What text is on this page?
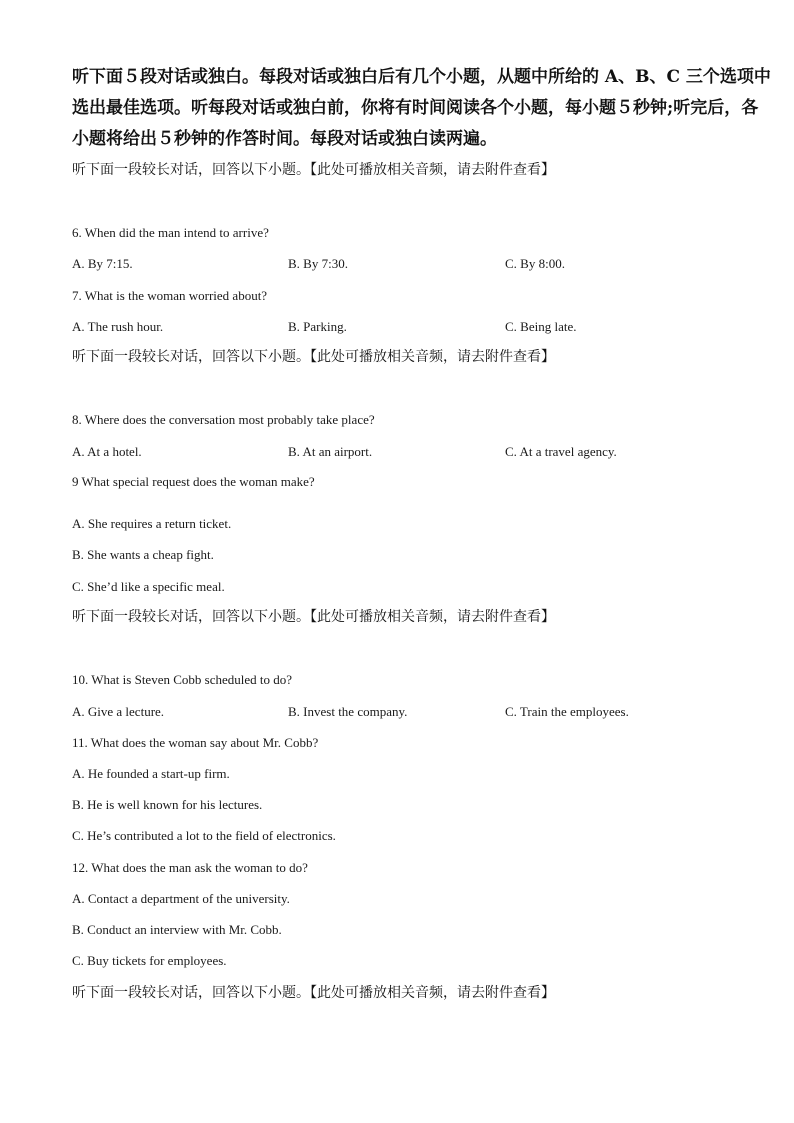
听下面５段对话或独白。每段对话或独白后有几个小题，从题中所给的 A、B、C 三个选项中
选出最佳选项。听每段对话或独白前，你将有时间阅读各个小题，每小题５秒钟;听完后，各
小题将给出５秒钟的作答时间。每段对话或独白读两遍。

听下面一段较长对话，回答以下小题。【此处可播放相关音频，请去附件查看】

6. When did the man intend to arrive?

A. By 7:15.	B. By 7:30.	C. By 8:00.

7. What is the woman worried about?

A. The rush hour.	B. Parking.	C. Being late.

听下面一段较长对话，回答以下小题。【此处可播放相关音频，请去附件查看】

8. Where does the conversation most probably take place?

A. At a hotel.	B. At an airport.	C. At a travel agency.

9 What special request does the woman make?

A. She requires a return ticket.

B. She wants a cheap fight.

C. She’d like a specific meal.

听下面一段较长对话，回答以下小题。【此处可播放相关音频，请去附件查看】

10. What is Steven Cobb scheduled to do?

A. Give a lecture.	B. Invest the company.	C. Train the employees.

11. What does the woman say about Mr. Cobb?

A. He founded a start-up firm.

B. He is well known for his lectures.

C. He’s contributed a lot to the field of electronics.

12. What does the man ask the woman to do?

A. Contact a department of the university.

B. Conduct an interview with Mr. Cobb.

C. Buy tickets for employees.

听下面一段较长对话，回答以下小题。【此处可播放相关音频，请去附件查看】
